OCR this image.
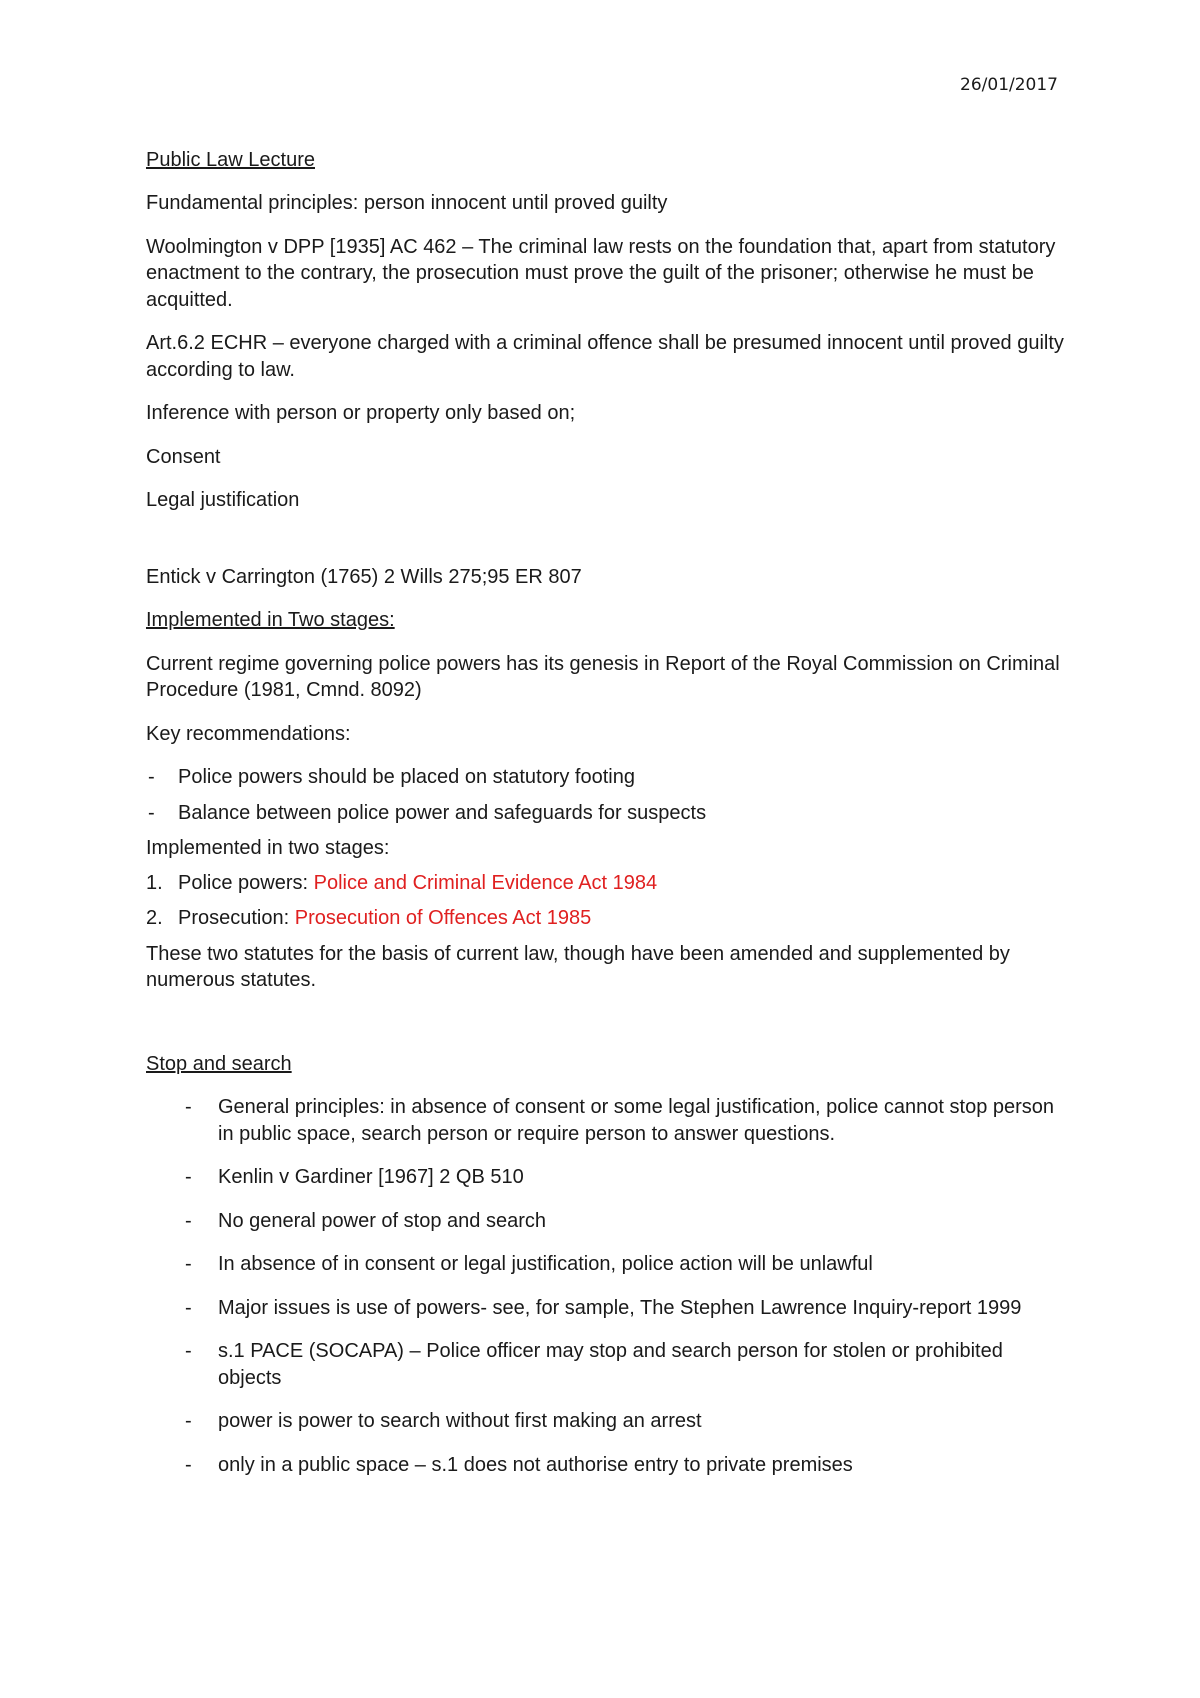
26/01/2017

Public Law Lecture

Fundamental principles: person innocent until proved guilty

Woolmington v DPP [1935] AC 462 – The criminal law rests on the foundation that, apart from statutory enactment to the contrary, the prosecution must prove the guilt of the prisoner; otherwise he must be acquitted.

Art.6.2 ECHR – everyone charged with a criminal offence shall be presumed innocent until proved guilty according to law.

Inference with person or property only based on;

Consent

Legal justification

Entick v Carrington (1765) 2 Wills 275;95 ER 807

Implemented in Two stages:

Current regime governing police powers has its genesis in Report of the Royal Commission on Criminal Procedure (1981, Cmnd. 8092)

Key recommendations:

- Police powers should be placed on statutory footing
- Balance between police power and safeguards for suspects

Implemented in two stages:

1. Police powers: Police and Criminal Evidence Act 1984
2. Prosecution: Prosecution of Offences Act 1985

These two statutes for the basis of current law, though have been amended and supplemented by numerous statutes.

Stop and search

- General principles: in absence of consent or some legal justification, police cannot stop person in public space, search person or require person to answer questions.
- Kenlin v Gardiner [1967] 2 QB 510
- No general power of stop and search
- In absence of in consent or legal justification, police action will be unlawful
- Major issues is use of powers- see, for sample, The Stephen Lawrence Inquiry-report 1999
- s.1 PACE (SOCAPA) – Police officer may stop and search person for stolen or prohibited objects
- power is power to search without first making an arrest
- only in a public space – s.1 does not authorise entry to private premises
